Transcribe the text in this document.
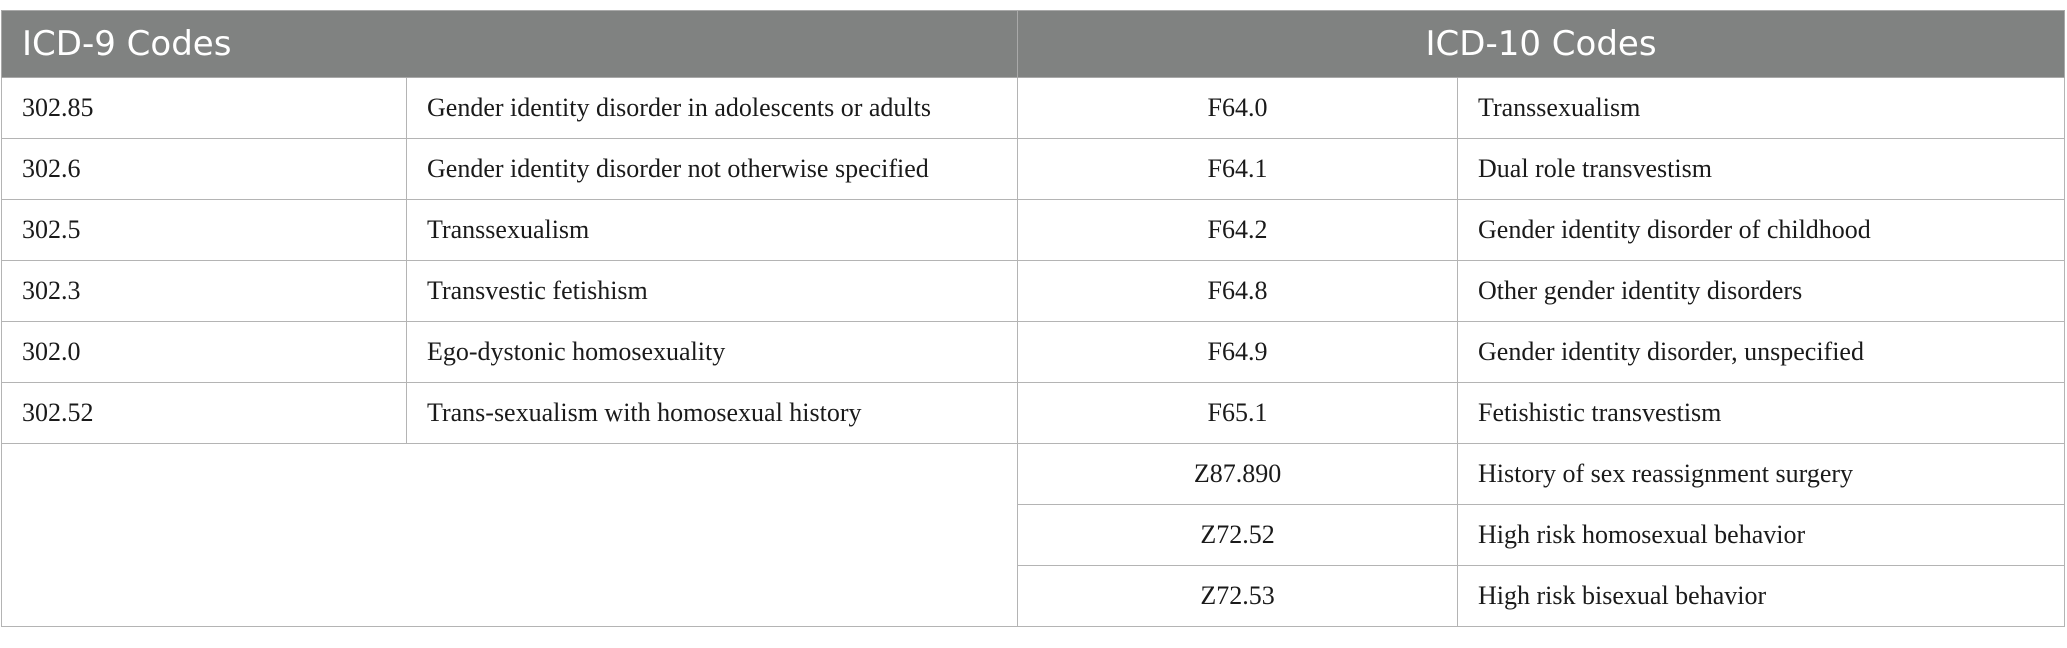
ICD-9 Codes		ICD-10 Codes	
302.85	Gender identity disorder in adolescents or adults	F64.0	Transsexualism
302.6	Gender identity disorder not otherwise specified	F64.1	Dual role transvestism
302.5	Transsexualism	F64.2	Gender identity disorder of childhood
302.3	Transvestic fetishism	F64.8	Other gender identity disorders
302.0	Ego-dystonic homosexuality	F64.9	Gender identity disorder, unspecified
302.52	Trans-sexualism with homosexual history	F65.1	Fetishistic transvestism
		Z87.890	History of sex reassignment surgery
		Z72.52	High risk homosexual behavior
		Z72.53	High risk bisexual behavior
